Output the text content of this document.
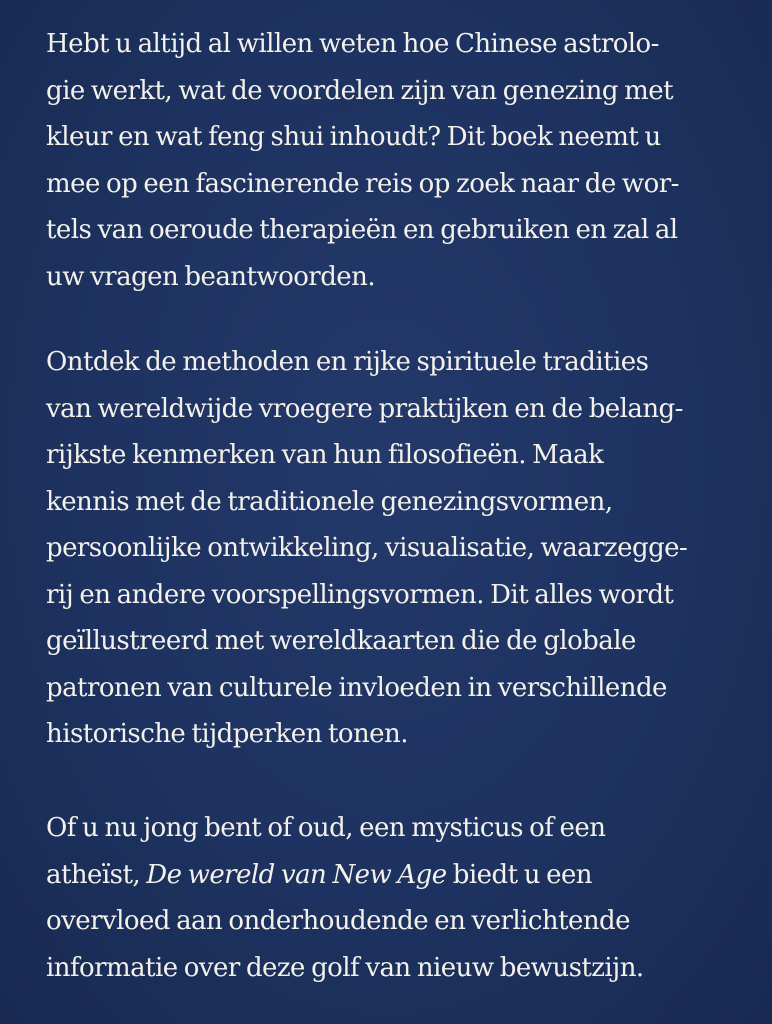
Hebt u altijd al willen weten hoe Chinese astrolo-
gie werkt, wat de voordelen zijn van genezing met
kleur en wat feng shui inhoudt? Dit boek neemt u
mee op een fascinerende reis op zoek naar de wor-
tels van oeroude therapieën en gebruiken en zal al
uw vragen beantwoorden.

Ontdek de methoden en rijke spirituele tradities
van wereldwijde vroegere praktijken en de belang-
rijkste kenmerken van hun filosofieën. Maak
kennis met de traditionele genezingsvormen,
persoonlijke ontwikkeling, visualisatie, waarzegge-
rij en andere voorspellingsvormen. Dit alles wordt
geïllustreerd met wereldkaarten die de globale
patronen van culturele invloeden in verschillende
historische tijdperken tonen.

Of u nu jong bent of oud, een mysticus of een
atheïst, De wereld van New Age biedt u een
overvloed aan onderhoudende en verlichtende
informatie over deze golf van nieuw bewustzijn.
